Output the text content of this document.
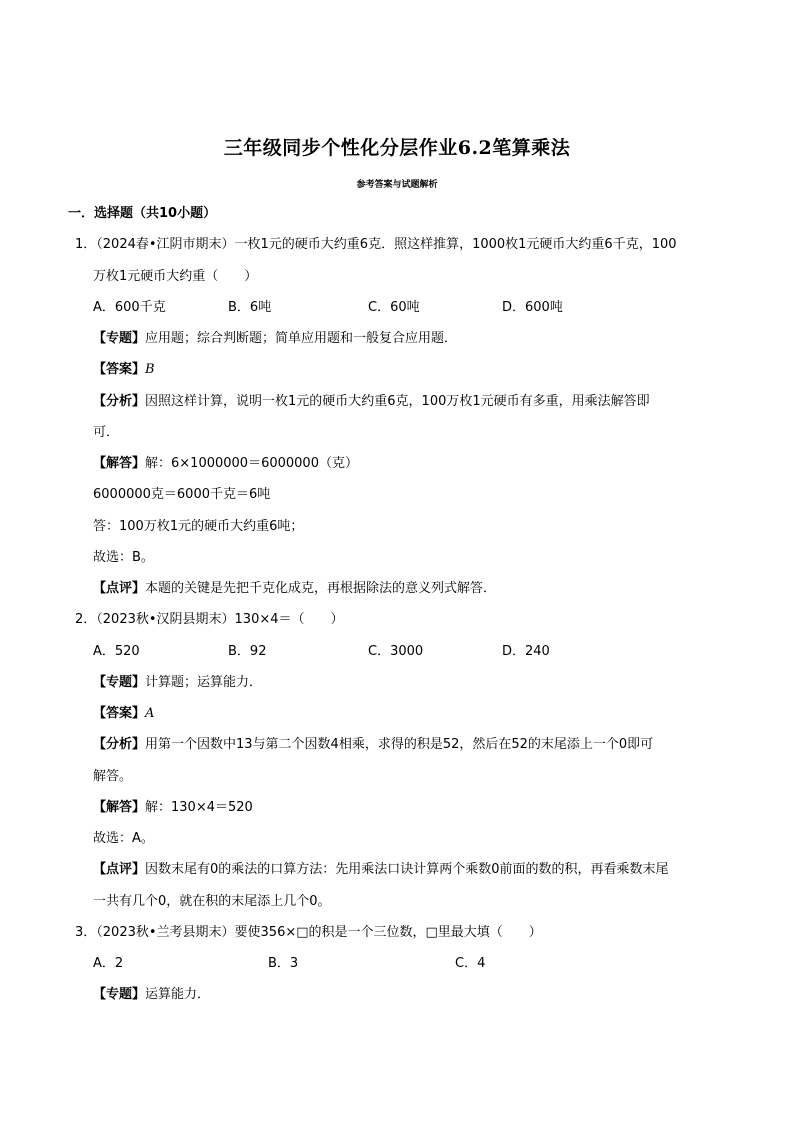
三年级同步个性化分层作业6.2笔算乘法
参考答案与试题解析
一．选择题（共10小题）
1．（2024春•江阴市期末）一枚1元的硬币大约重6克．照这样推算，1000枚1元硬币大约重6千克，100
万枚1元硬币大约重（　　）
A．600千克	B．6吨	C．60吨	D．600吨
【专题】应用题；综合判断题；简单应用题和一般复合应用题．
【答案】B
【分析】因照这样计算，说明一枚1元的硬币大约重6克，100万枚1元硬币有多重，用乘法解答即
可．
【解答】解：6×1000000＝6000000（克）
6000000克＝6000千克＝6吨
答：100万枚1元的硬币大约重6吨；
故选：B。
【点评】本题的关键是先把千克化成克，再根据除法的意义列式解答．
2．（2023秋•汉阴县期末）130×4＝（　　）
A．520	B．92	C．3000	D．240
【专题】计算题；运算能力．
【答案】A
【分析】用第一个因数中13与第二个因数4相乘，求得的积是52，然后在52的末尾添上一个0即可
解答。
【解答】解：130×4＝520
故选：A。
【点评】因数末尾有0的乘法的口算方法：先用乘法口诀计算两个乘数0前面的数的积，再看乘数末尾
一共有几个0，就在积的末尾添上几个0。
3．（2023秋•兰考县期末）要使356×□的积是一个三位数，□里最大填（　　）
A．2	B．3	C．4
【专题】运算能力．
